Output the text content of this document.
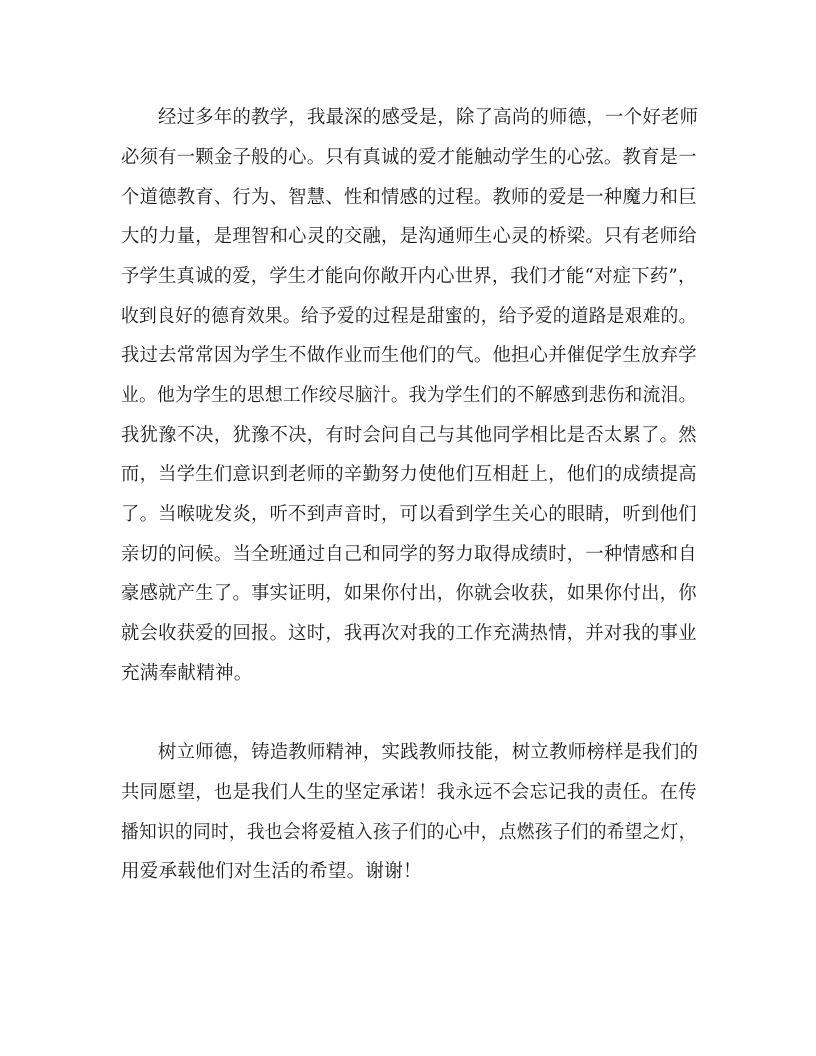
经过多年的教学，我最深的感受是，除了高尚的师德，一个好老师
必须有一颗金子般的心。只有真诚的爱才能触动学生的心弦。教育是一
个道德教育、行为、智慧、性和情感的过程。教师的爱是一种魔力和巨
大的力量，是理智和心灵的交融，是沟通师生心灵的桥梁。只有老师给
予学生真诚的爱，学生才能向你敞开内心世界，我们才能“对症下药”，
收到良好的德育效果。给予爱的过程是甜蜜的，给予爱的道路是艰难的。
我过去常常因为学生不做作业而生他们的气。他担心并催促学生放弃学
业。他为学生的思想工作绞尽脑汁。我为学生们的不解感到悲伤和流泪。
我犹豫不决，犹豫不决，有时会问自己与其他同学相比是否太累了。然
而，当学生们意识到老师的辛勤努力使他们互相赶上，他们的成绩提高
了。当喉咙发炎，听不到声音时，可以看到学生关心的眼睛，听到他们
亲切的问候。当全班通过自己和同学的努力取得成绩时，一种情感和自
豪感就产生了。事实证明，如果你付出，你就会收获，如果你付出，你
就会收获爱的回报。这时，我再次对我的工作充满热情，并对我的事业
充满奉献精神。
树立师德，铸造教师精神，实践教师技能，树立教师榜样是我们的
共同愿望，也是我们人生的坚定承诺！我永远不会忘记我的责任。在传
播知识的同时，我也会将爱植入孩子们的心中，点燃孩子们的希望之灯，
用爱承载他们对生活的希望。谢谢！
